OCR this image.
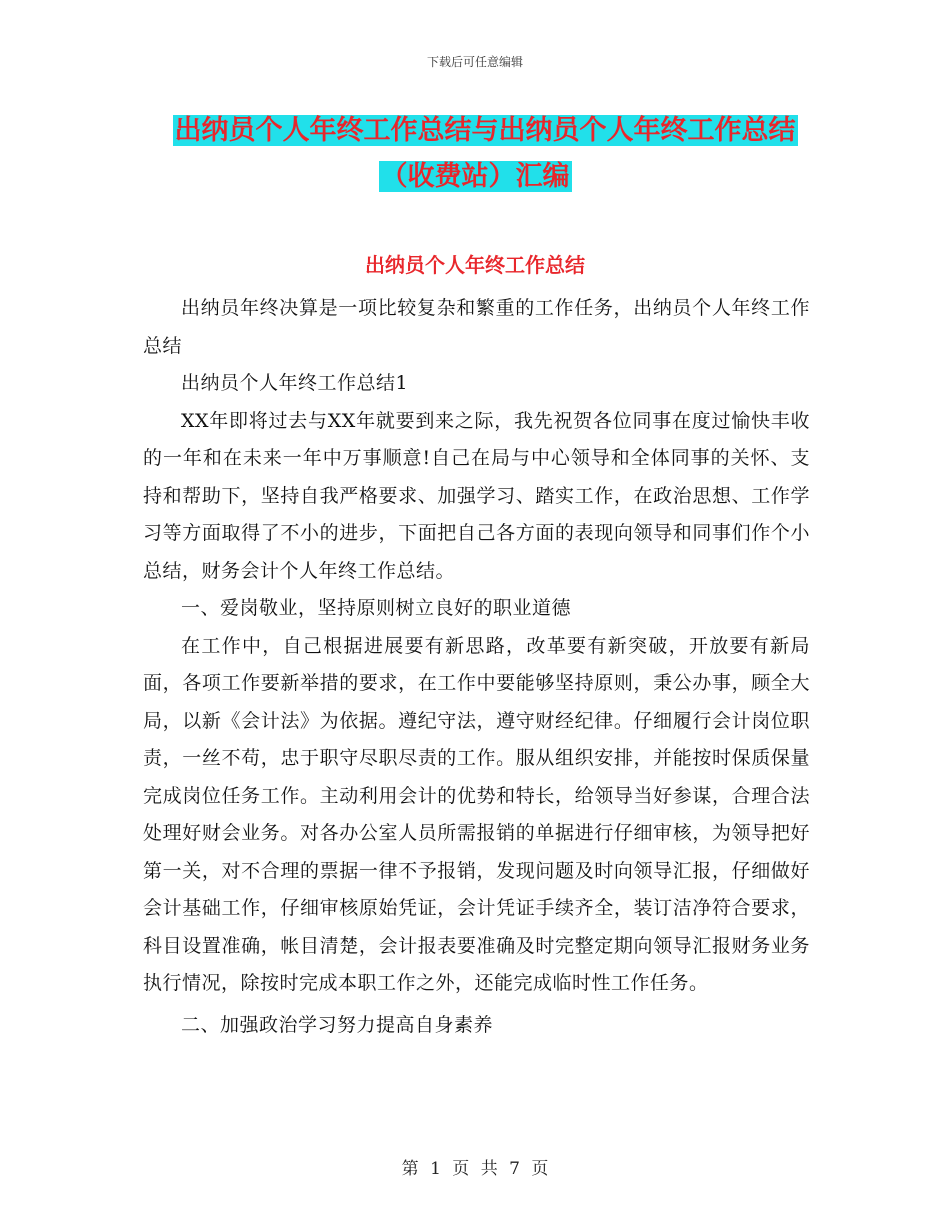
下载后可任意编辑
出纳员个人年终工作总结与出纳员个人年终工作总结
（收费站）汇编
出纳员个人年终工作总结

出纳员年终决算是一项比较复杂和繁重的工作任务，出纳员个人年终工作总结

出纳员个人年终工作总结1

XX年即将过去与XX年就要到来之际，我先祝贺各位同事在度过愉快丰收的一年和在未来一年中万事顺意!自己在局与中心领导和全体同事的关怀、支持和帮助下，坚持自我严格要求、加强学习、踏实工作，在政治思想、工作学习等方面取得了不小的进步，下面把自己各方面的表现向领导和同事们作个小总结，财务会计个人年终工作总结。

一、爱岗敬业，坚持原则树立良好的职业道德

在工作中，自己根据进展要有新思路，改革要有新突破，开放要有新局面，各项工作要新举措的要求，在工作中要能够坚持原则，秉公办事，顾全大局，以新《会计法》为依据。遵纪守法，遵守财经纪律。仔细履行会计岗位职责，一丝不苟，忠于职守尽职尽责的工作。服从组织安排，并能按时保质保量完成岗位任务工作。主动利用会计的优势和特长，给领导当好参谋，合理合法处理好财会业务。对各办公室人员所需报销的单据进行仔细审核，为领导把好第一关，对不合理的票据一律不予报销，发现问题及时向领导汇报，仔细做好会计基础工作，仔细审核原始凭证，会计凭证手续齐全，装订洁净符合要求，科目设置准确，帐目清楚，会计报表要准确及时完整定期向领导汇报财务业务执行情况，除按时完成本职工作之外，还能完成临时性工作任务。

二、加强政治学习努力提高自身素养

第 1 页 共 7 页
